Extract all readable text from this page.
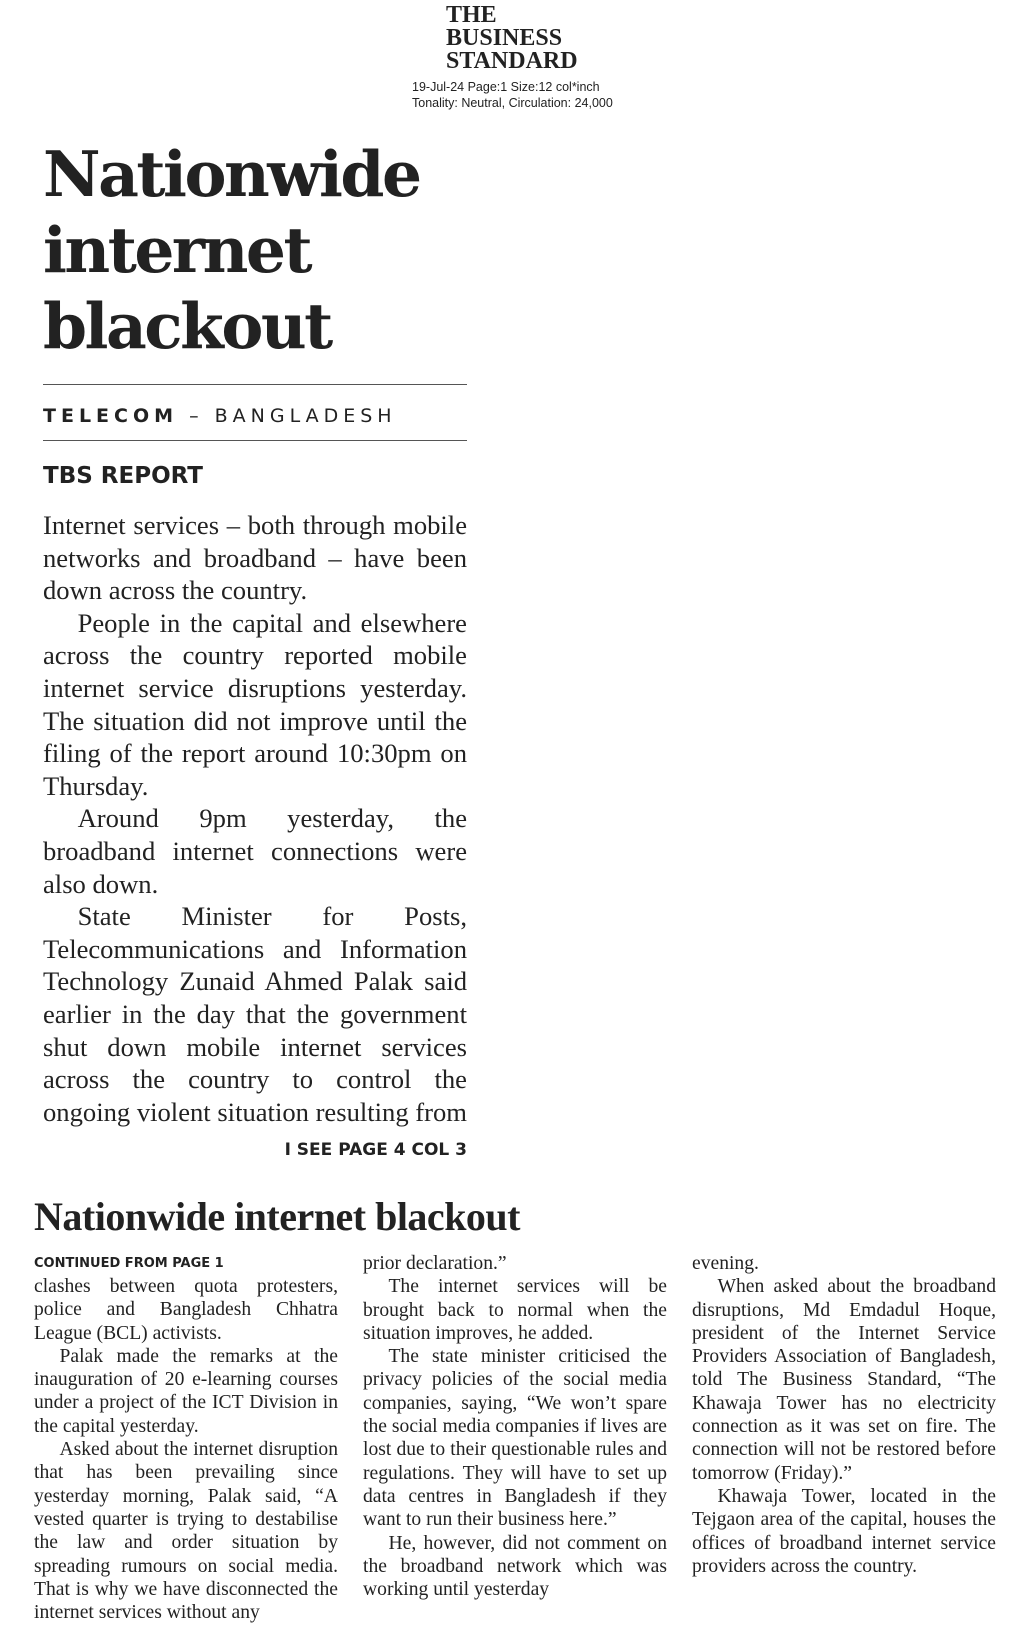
THE
BUSINESS
STANDARD
19-Jul-24 Page:1 Size:12 col*inch
Tonality: Neutral, Circulation: 24,000
Nationwide
internet
blackout
TELECOM – BANGLADESH
TBS REPORT

Internet services – both through mobile networks and broadband – have been down across the country.

People in the capital and elsewhere across the country reported mobile internet service disruptions yesterday. The situation did not improve until the filing of the report around 10:30pm on Thursday.

Around 9pm yesterday, the broadband internet connections were also down.

State Minister for Posts, Telecommunications and Information Technology Zunaid Ahmed Palak said earlier in the day that the government shut down mobile internet services across the country to control the ongoing violent situation resulting from
I SEE PAGE 4 COL 3

Nationwide internet blackout
CONTINUED FROM PAGE 1

clashes between quota protesters, police and Bangladesh Chhatra League (BCL) activists.

Palak made the remarks at the inauguration of 20 e-learning courses under a project of the ICT Division in the capital yesterday.

Asked about the internet disruption that has been prevailing since yesterday morning, Palak said, “A vested quarter is trying to destabilise the law and order situation by spreading rumours on social media. That is why we have disconnected the internet services without any

prior declaration.”

The internet services will be brought back to normal when the situation improves, he added.

The state minister criticised the privacy policies of the social media companies, saying, “We won’t spare the social media companies if lives are lost due to their questionable rules and regulations. They will have to set up data centres in Bangladesh if they want to run their business here.”

He, however, did not comment on the broadband network which was working until yesterday

evening.

When asked about the broadband disruptions, Md Emdadul Hoque, president of the Internet Service Providers Association of Bangladesh, told The Business Standard, “The Khawaja Tower has no electricity connection as it was set on fire. The connection will not be restored before tomorrow (Friday).”

Khawaja Tower, located in the Tejgaon area of the capital, houses the offices of broadband internet service providers across the country.
